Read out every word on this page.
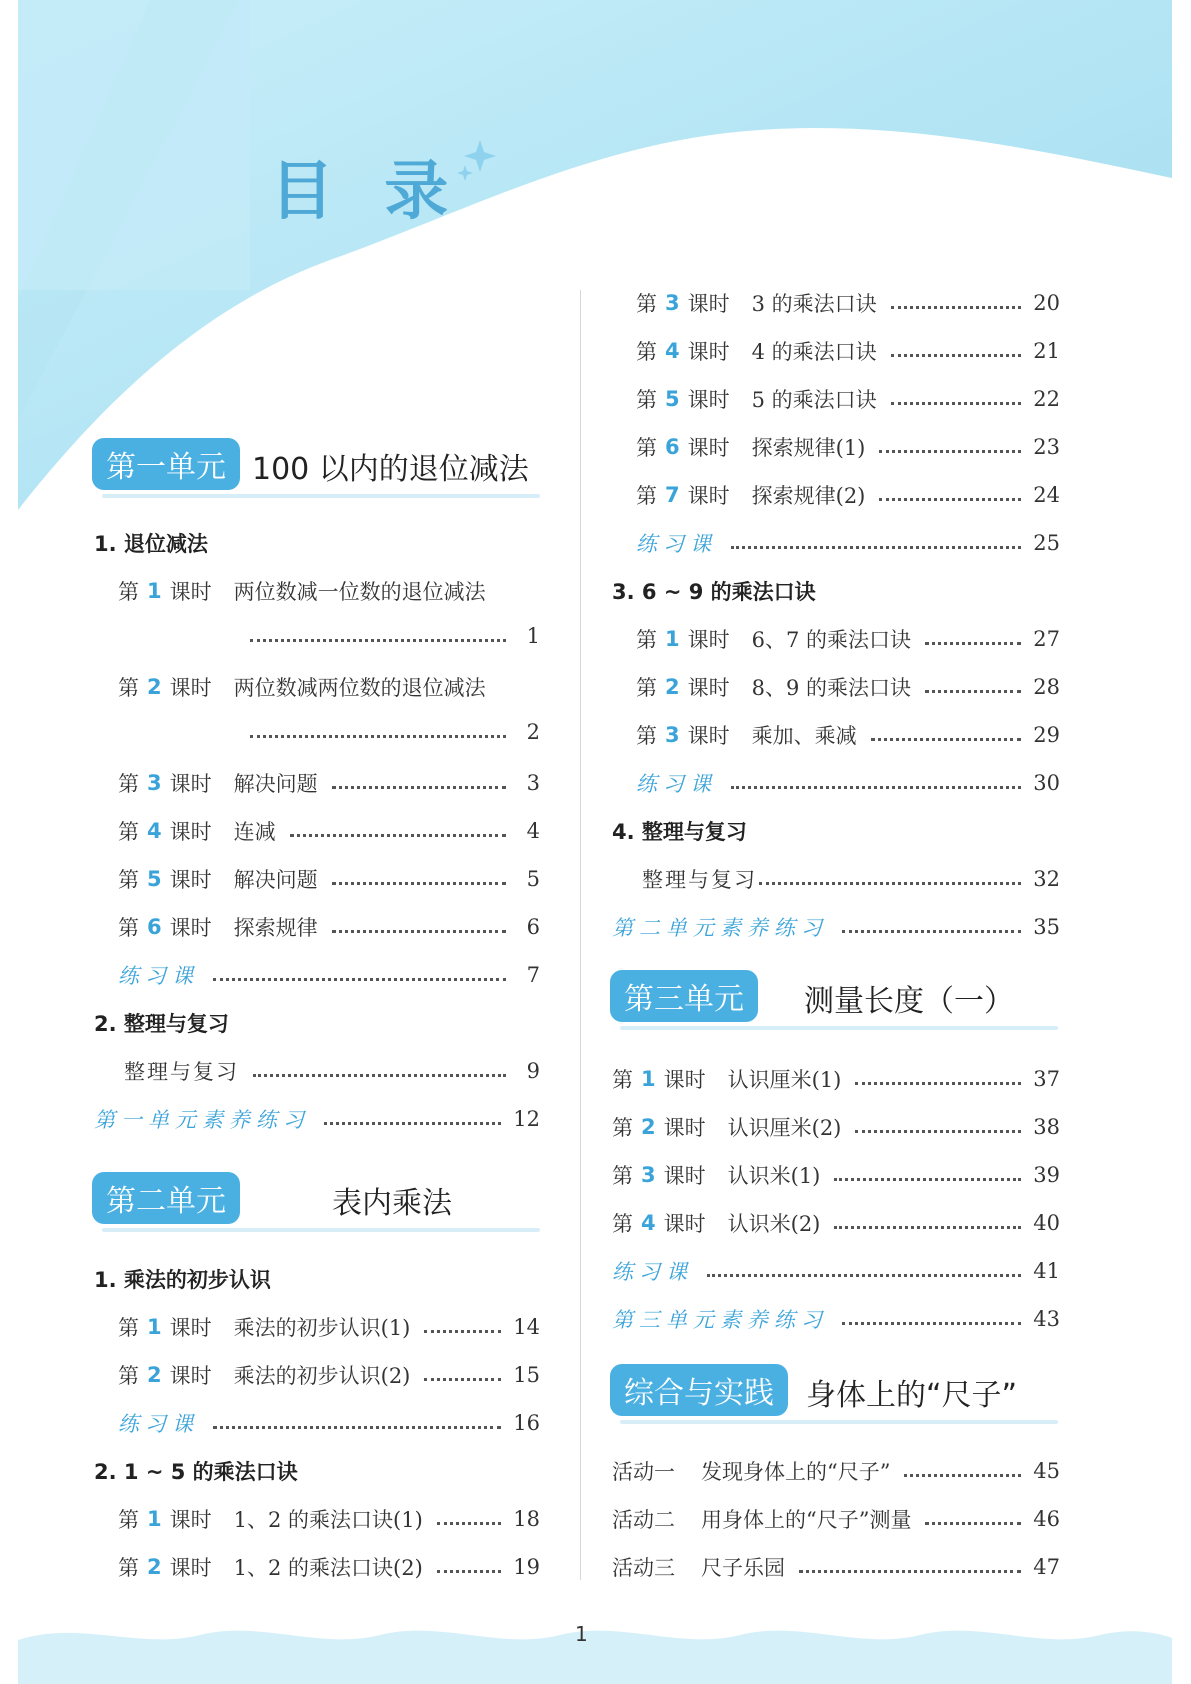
目 录
第一单元 100 以内的退位减法
1. 退位减法
第 1 课时 两位数减一位数的退位减法
1
第 2 课时 两位数减两位数的退位减法
2
第 3 课时 解决问题	3
第 4 课时 连减	4
第 5 课时 解决问题	5
第 6 课时 探索规律	6
练习课	7
2. 整理与复习
整理与复习	9
第一单元素养练习	12
第二单元	表内乘法
1. 乘法的初步认识
第 1 课时 乘法的初步认识(1)	14
第 2 课时 乘法的初步认识(2)	15
练习课	16
2. 1 ~ 5 的乘法口诀
第 1 课时 1、2 的乘法口诀(1)	18
第 2 课时 1、2 的乘法口诀(2)	19
第 3 课时 3 的乘法口诀	20
第 4 课时 4 的乘法口诀	21
第 5 课时 5 的乘法口诀	22
第 6 课时 探索规律(1)	23
第 7 课时 探索规律(2)	24
练习课	25
3. 6 ~ 9 的乘法口诀
第 1 课时 6、7 的乘法口诀	27
第 2 课时 8、9 的乘法口诀	28
第 3 课时 乘加、乘减	29
练习课	30
4. 整理与复习
整理与复习	32
第二单元素养练习	35
第三单元	测量长度（一）
第 1 课时 认识厘米(1)	37
第 2 课时 认识厘米(2)	38
第 3 课时 认识米(1)	39
第 4 课时 认识米(2)	40
练习课	41
第三单元素养练习	43
综合与实践	身体上的“尺子”
活动一 发现身体上的“尺子”	45
活动二 用身体上的“尺子”测量	46
活动三 尺子乐园	47
1
